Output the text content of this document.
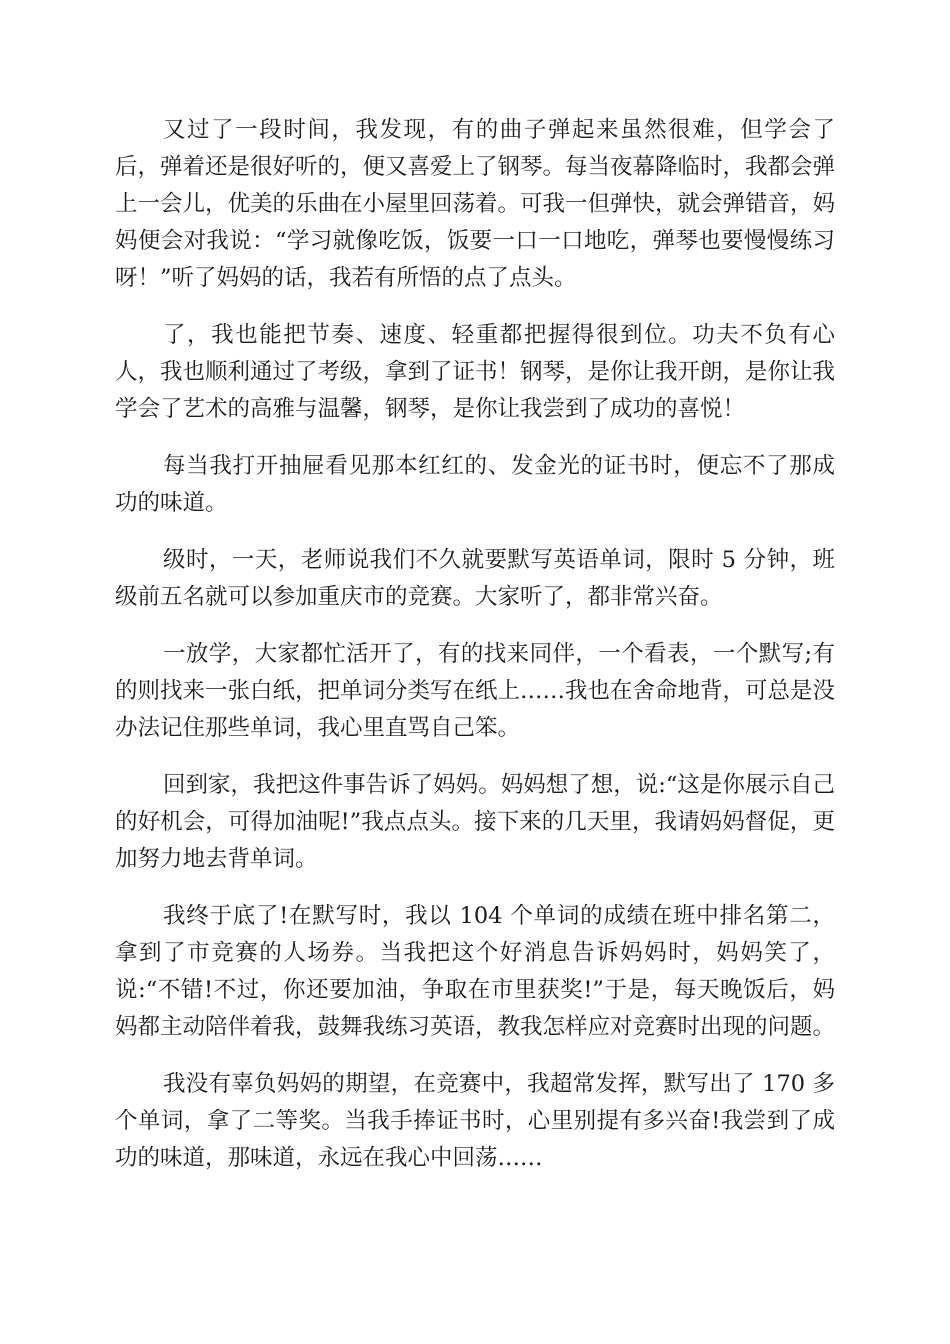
又过了一段时间，我发现，有的曲子弹起来虽然很难，但学会了后，弹着还是很好听的，便又喜爱上了钢琴。每当夜幕降临时，我都会弹上一会儿，优美的乐曲在小屋里回荡着。可我一但弹快，就会弹错音，妈妈便会对我说：“学习就像吃饭，饭要一口一口地吃，弹琴也要慢慢练习呀！”听了妈妈的话，我若有所悟的点了点头。

了，我也能把节奏、速度、轻重都把握得很到位。功夫不负有心人，我也顺利通过了考级，拿到了证书！钢琴，是你让我开朗，是你让我学会了艺术的高雅与温馨，钢琴，是你让我尝到了成功的喜悦！

每当我打开抽屉看见那本红红的、发金光的证书时，便忘不了那成功的味道。

级时，一天，老师说我们不久就要默写英语单词，限时 5 分钟，班级前五名就可以参加重庆市的竞赛。大家听了，都非常兴奋。

一放学，大家都忙活开了，有的找来同伴，一个看表，一个默写;有的则找来一张白纸，把单词分类写在纸上……我也在舍命地背，可总是没办法记住那些单词，我心里直骂自己笨。

回到家，我把这件事告诉了妈妈。妈妈想了想，说:“这是你展示自己的好机会，可得加油呢!”我点点头。接下来的几天里，我请妈妈督促，更加努力地去背单词。

我终于底了!在默写时，我以 104 个单词的成绩在班中排名第二，拿到了市竞赛的人场券。当我把这个好消息告诉妈妈时，妈妈笑了，说:“不错!不过，你还要加油，争取在市里获奖!”于是，每天晚饭后，妈妈都主动陪伴着我，鼓舞我练习英语，教我怎样应对竞赛时出现的问题。

我没有辜负妈妈的期望，在竞赛中，我超常发挥，默写出了 170 多个单词，拿了二等奖。当我手捧证书时，心里别提有多兴奋!我尝到了成功的味道，那味道，永远在我心中回荡……
